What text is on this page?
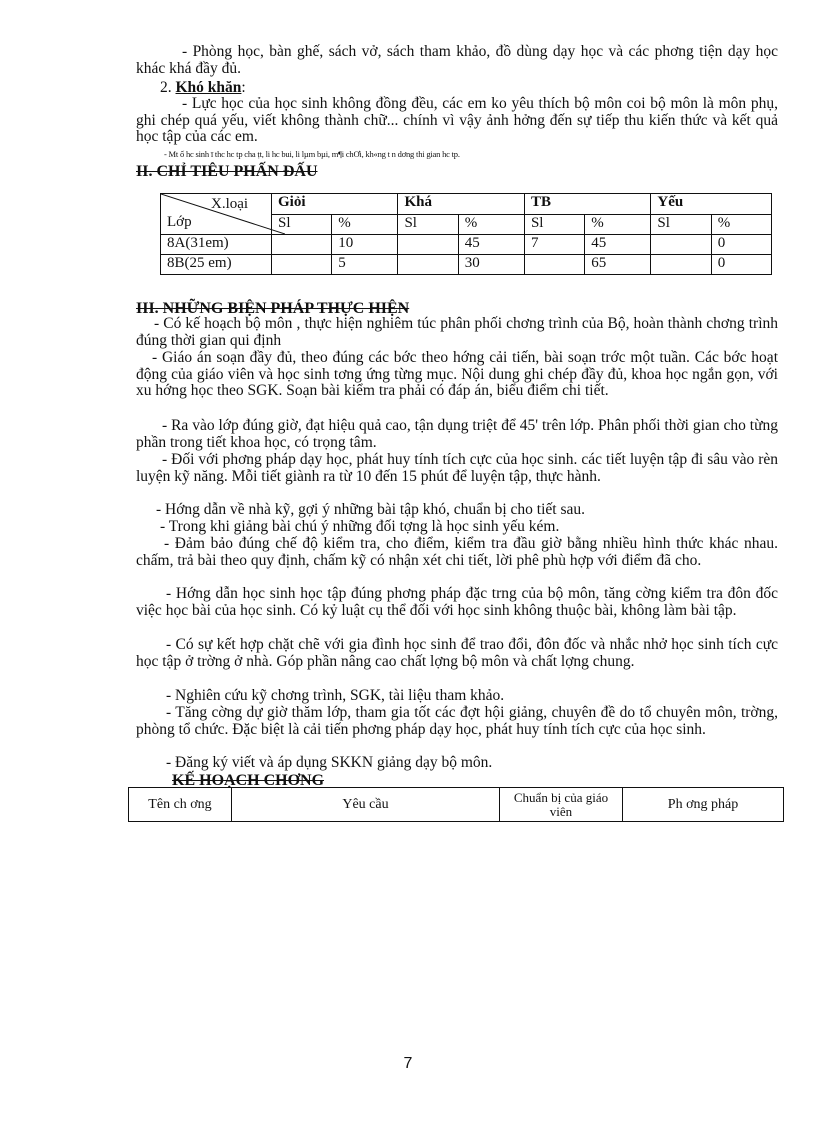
- Phòng học, bàn ghế, sách vở, sách tham khảo, đồ dùng dạy học và các phơng tiện dạy học khác khá đầy đủ.

2. Khó khăn:

- Lực học của học sinh không đồng đều, các em ko yêu thích bộ môn coi bộ môn là môn phụ, ghi chép quá yếu, viết không thành chữ... chính vì vậy ảnh hởng đến sự tiếp thu kiến thức và kết quả học tập của các em.

- Mt ố hc sinh ī thc hc tp cha ṭt, li hc bui, li lµm bµi, m¶i chƠi, kh«ng t n dơng thi gian hc tp.
II. CHỈ TIÊU PHẤN ĐẤU
X.loại
Lớp	Giỏi		Khá		TB		Yếu	
	Sl	%	Sl	%	Sl	%	Sl	%
8A(31em)		10		45	7	45		0
8B(25 em)		5		30		65		0
III. NHỮNG BIỆN PHÁP THỰC HIỆN

- Có kế hoạch bộ môn , thực hiện nghiêm túc phân phối chơng trình của Bộ, hoàn thành chơng trình đúng thời gian qui định

- Giáo án soạn đầy đủ, theo đúng các bớc theo hớng cải tiến, bài soạn trớc một tuần. Các bớc hoạt động của giáo viên và học sinh tơng ứng từng mục. Nội dung ghi chép đầy đủ, khoa học ngắn gọn, với xu hớng học theo SGK. Soạn bài kiểm tra phải có đáp án, biểu điểm chi tiết.

- Ra vào lớp đúng giờ, đạt hiệu quả cao, tận dụng triệt để 45' trên lớp. Phân phối thời gian cho từng phần trong tiết khoa học, có trọng tâm.

- Đối với phơng pháp dạy học, phát huy tính tích cực của học sinh. các tiết luyện tập đi sâu vào rèn luyện kỹ năng. Mỗi tiết giành ra từ 10 đến 15 phút để luyện tập, thực hành.

- Hớng dẫn về nhà kỹ, gợi ý những bài tập khó, chuẩn bị cho tiết sau.

- Trong khi giảng bài chú ý những đối tợng là học sinh yếu kém.

- Đảm bảo đúng chế độ kiểm tra, cho điểm, kiểm tra đầu giờ bằng nhiều hình thức khác nhau. chấm, trả bài theo quy định, chấm kỹ có nhận xét chi tiết, lời phê phù hợp với điểm đã cho.

- Hớng dẫn học sinh học tập đúng phơng pháp đặc trng của bộ môn, tăng cờng kiểm tra đôn đốc việc học bài của học sinh. Có kỷ luật cụ thể đối với học sinh không thuộc bài, không làm bài tập.

- Có sự kết hợp chặt chẽ với gia đình học sinh để trao đổi, đôn đốc và nhắc nhở học sinh tích cực học tập ở trờng ở nhà. Góp phần nâng cao chất lợng bộ môn và chất lợng chung.

- Nghiên cứu kỹ chơng trình, SGK, tài liệu tham khảo.

- Tăng cờng dự giờ thăm lớp, tham gia tốt các đợt hội giảng, chuyên đề do tổ chuyên môn, trờng, phòng tổ chức. Đặc biệt là cải tiến phơng pháp dạy học, phát huy tính tích cực của học sinh.

- Đăng ký viết và áp dụng SKKN giảng dạy bộ môn.

KẾ HOẠCH CHƠNG
Tên ch ơng	Yêu cầu	Chuẩn bị của giáo viên	Ph ơng pháp
7
